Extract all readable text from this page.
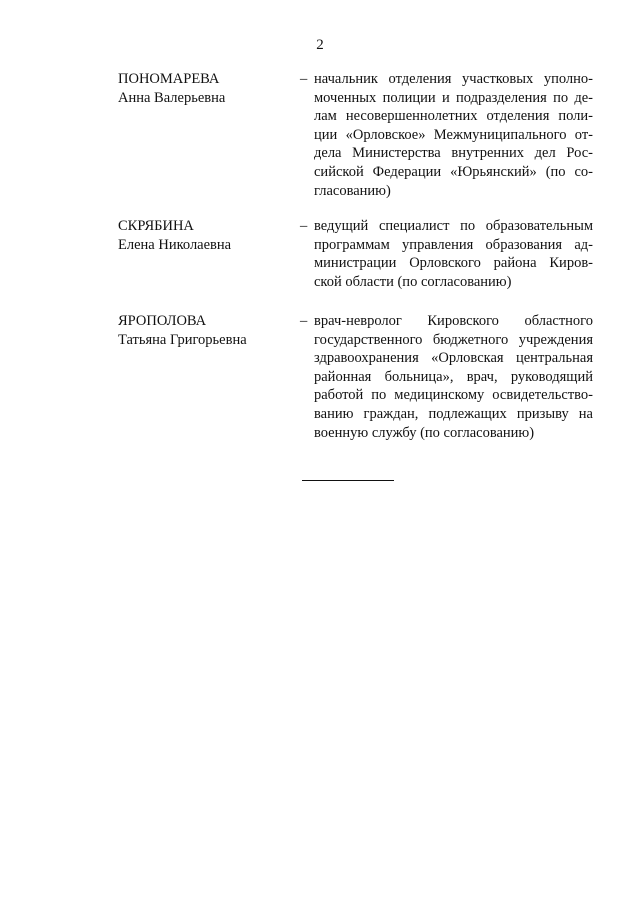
2
ПОНОМАРЕВА
Анна Валерьевна
– начальник отделения участковых уполно-
моченных полиции и подразделения по де-
лам несовершеннолетних отделения поли-
ции «Орловское» Межмуниципального от-
дела Министерства внутренних дел Рос-
сийской Федерации «Юрьянский» (по со-
гласованию)
СКРЯБИНА
Елена Николаевна
– ведущий специалист по образовательным
программам управления образования ад-
министрации Орловского района Киров-
ской области (по согласованию)
ЯРОПОЛОВА
Татьяна Григорьевна
– врач-невролог Кировского областного
государственного бюджетного учреждения
здравоохранения «Орловская центральная
районная больница», врач, руководящий
работой по медицинскому освидетельство-
ванию граждан, подлежащих призыву на
военную службу (по согласованию)
